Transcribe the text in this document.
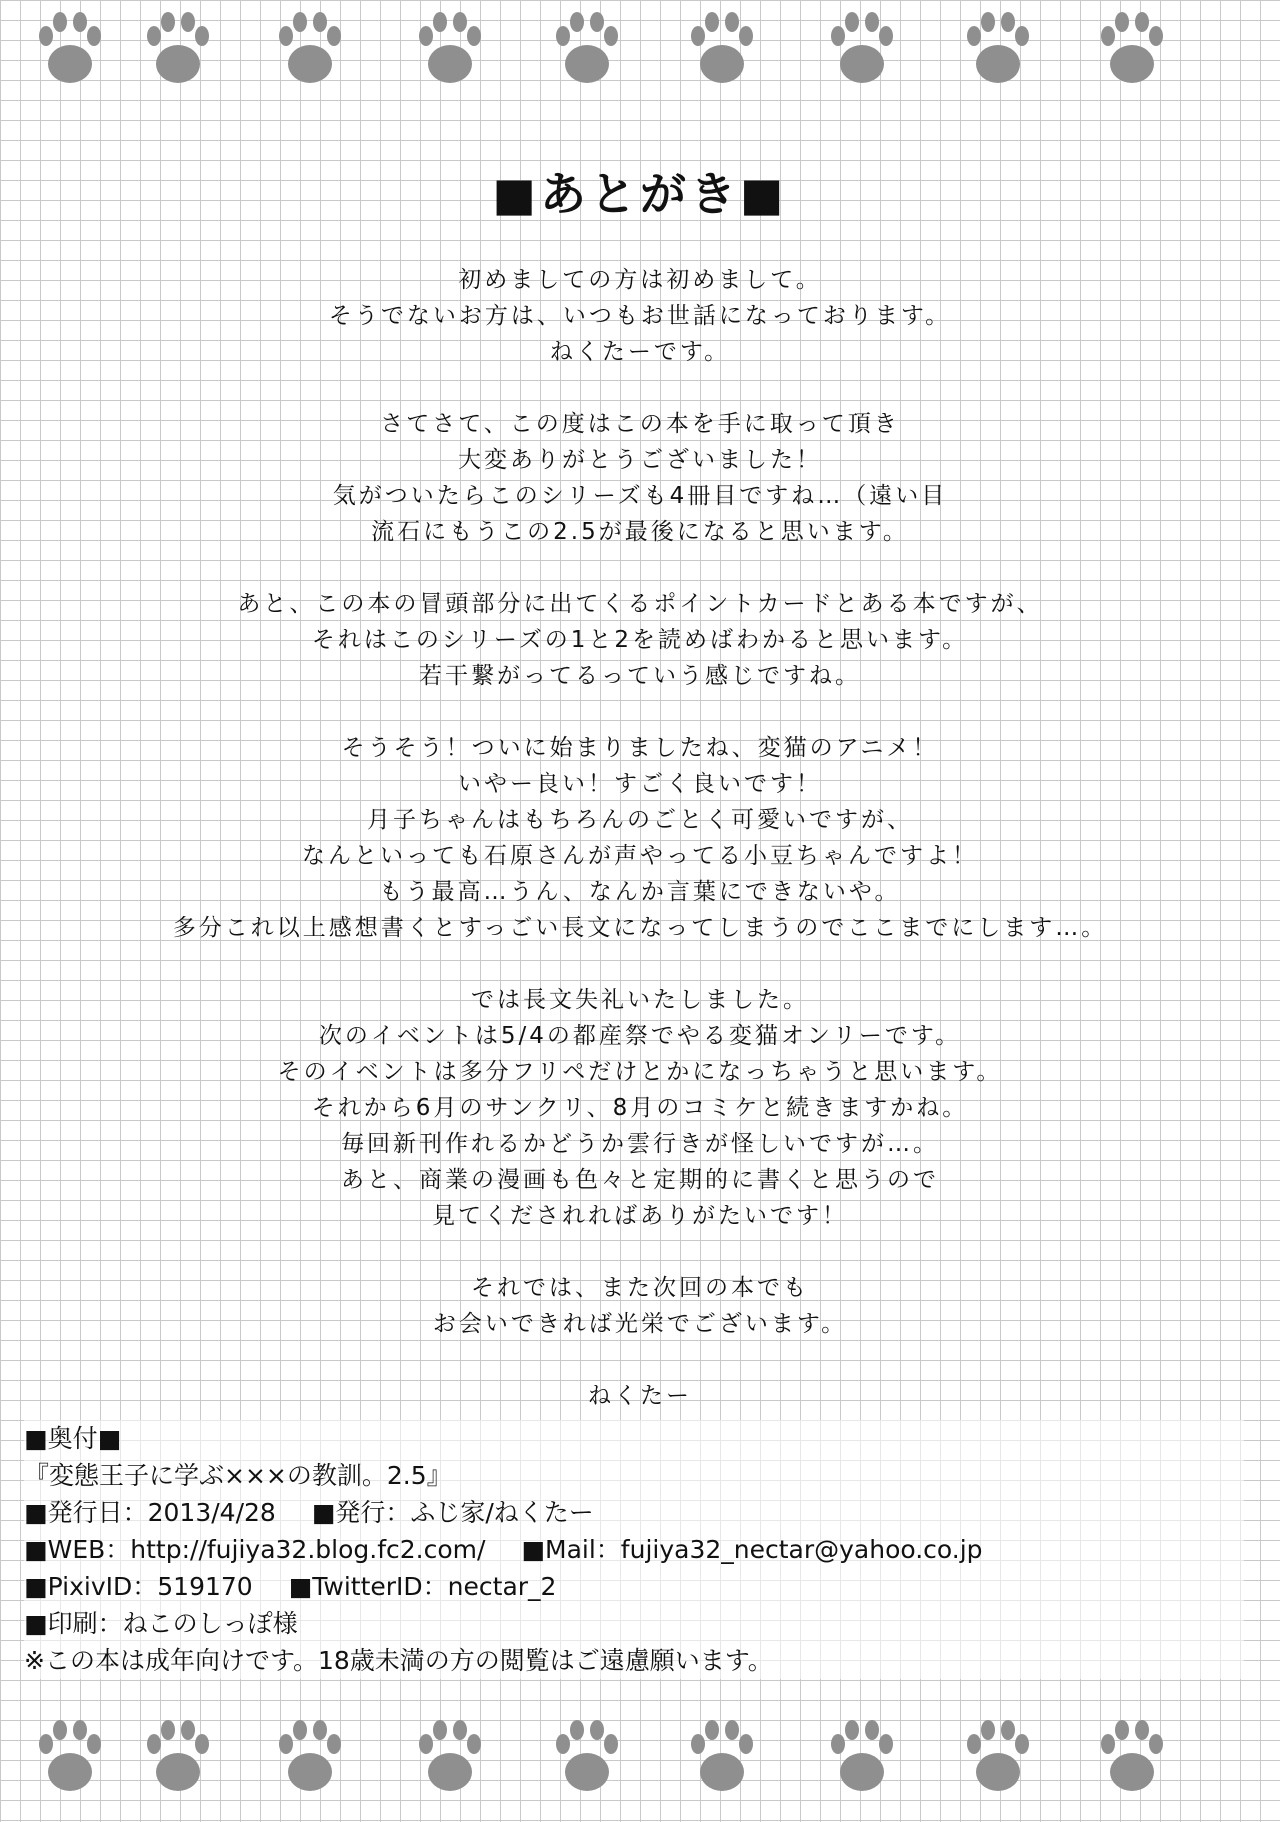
■あとがき■
初めましての方は初めまして。
そうでないお方は、いつもお世話になっております。
ねくたーです。
さてさて、この度はこの本を手に取って頂き
大変ありがとうございました！
気がついたらこのシリーズも4冊目ですね…（遠い目
流石にもうこの2.5が最後になると思います。
あと、この本の冒頭部分に出てくるポイントカードとある本ですが、
それはこのシリーズの1と2を読めばわかると思います。
若干繋がってるっていう感じですね。
そうそう！ついに始まりましたね、変猫のアニメ！
いやー良い！すごく良いです！
月子ちゃんはもちろんのごとく可愛いですが、
なんといっても石原さんが声やってる小豆ちゃんですよ！
もう最高…うん、なんか言葉にできないや。
多分これ以上感想書くとすっごい長文になってしまうのでここまでにします…。
では長文失礼いたしました。
次のイベントは5/4の都産祭でやる変猫オンリーです。
そのイベントは多分フリペだけとかになっちゃうと思います。
それから6月のサンクリ、8月のコミケと続きますかね。
毎回新刊作れるかどうか雲行きが怪しいですが…。
あと、商業の漫画も色々と定期的に書くと思うので
見てくだされればありがたいです！
それでは、また次回の本でも
お会いできれば光栄でございます。
ねくたー
■奥付■
『変態王子に学ぶ×××の教訓。2.5』
■発行日：2013/4/28 ■発行：ふじ家/ねくたー
■WEB：http://fujiya32.blog.fc2.com/ ■Mail：fujiya32_nectar@yahoo.co.jp
■PixivID：519170 ■TwitterID：nectar_2
■印刷：ねこのしっぽ様
※この本は成年向けです。18歳未満の方の閲覧はご遠慮願います。
